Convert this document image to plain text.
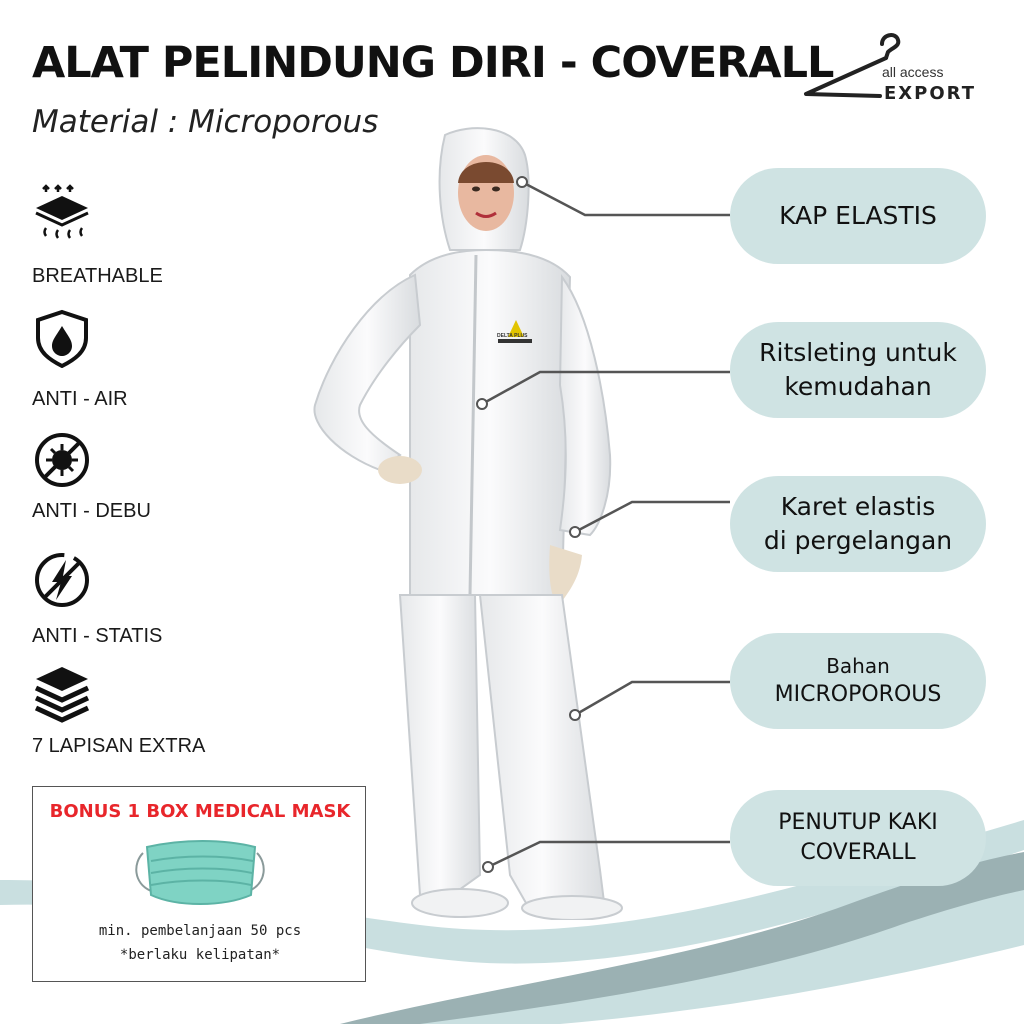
ALAT PELINDUNG DIRI - COVERALL
Material : Microporous
all access
EXPORT
BREATHABLE
ANTI - AIR
ANTI - DEBU
ANTI - STATIS
7 LAPISAN EXTRA
DELTA PLUS
KAP ELASTIS
Ritsleting untuk
kemudahan
Karet elastis
di pergelangan
Bahan
MICROPOROUS
PENUTUP KAKI
COVERALL
BONUS 1 BOX MEDICAL MASK
min. pembelanjaan 50 pcs
*berlaku kelipatan*
